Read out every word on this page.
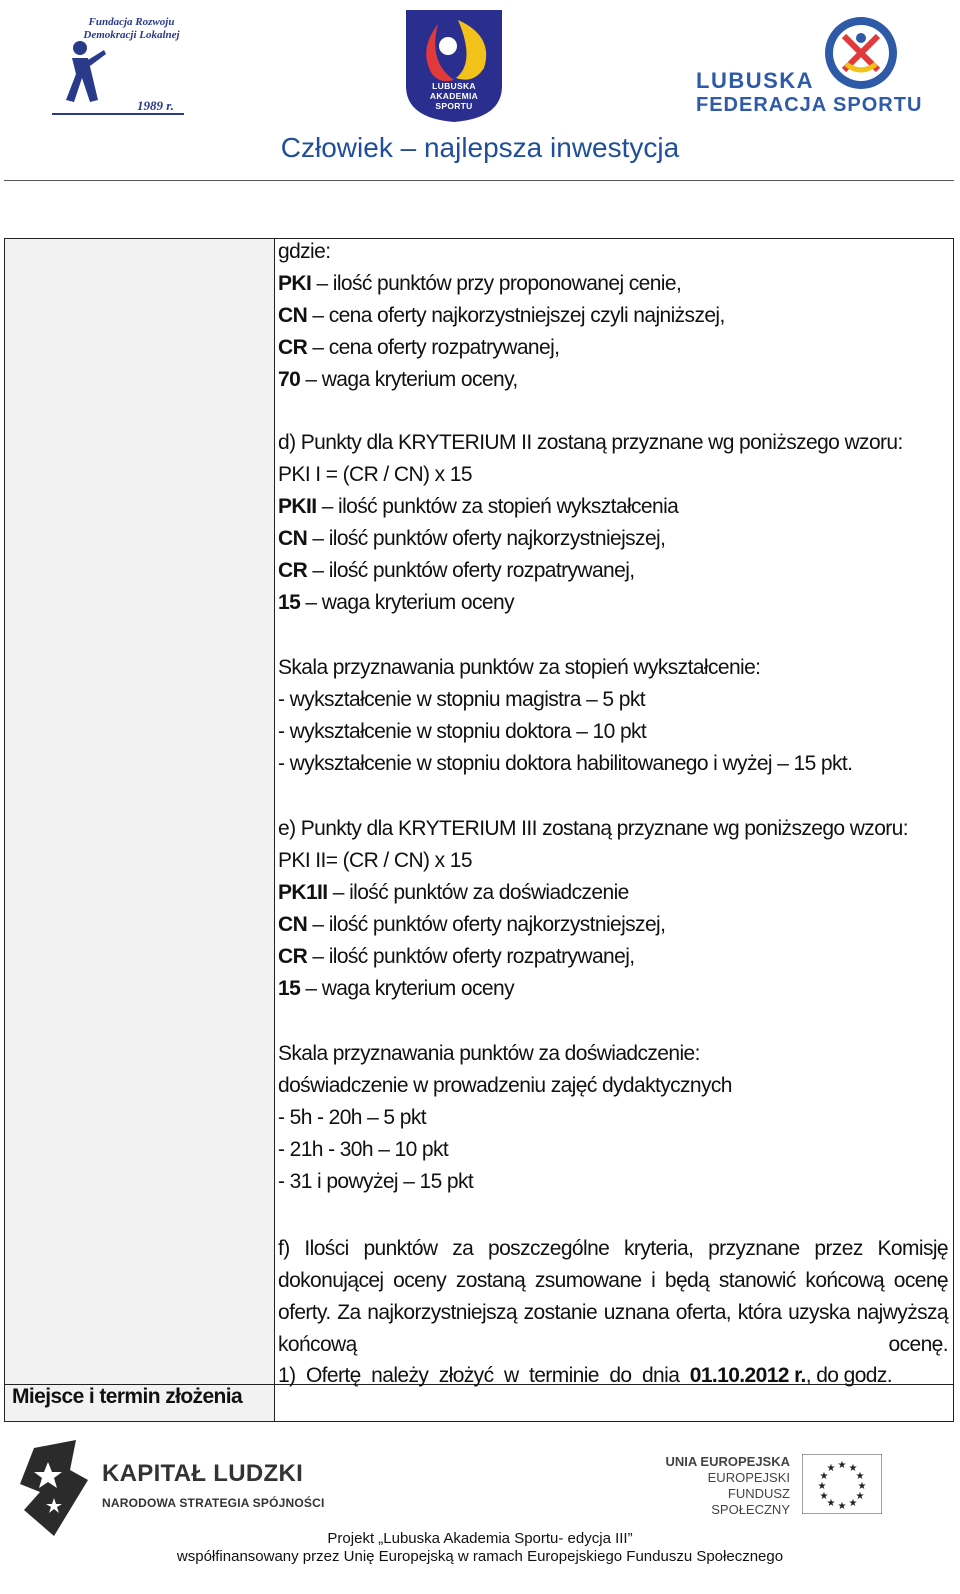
Fundacja Rozwoju Demokracji Lokalnej
1989 r.
LUBUSKA
AKADEMIA
SPORTU
LUBUSKA
FEDERACJA SPORTU
Człowiek – najlepsza inwestycja
gdzie:
PKI – ilość punktów przy proponowanej cenie,
CN – cena oferty najkorzystniejszej czyli najniższej,
CR – cena oferty rozpatrywanej,
70 – waga kryterium oceny,
d) Punkty dla KRYTERIUM II zostaną przyznane wg poniższego wzoru:
PKI I = (CR / CN) x 15
PKII – ilość punktów za stopień wykształcenia
CN – ilość punktów oferty najkorzystniejszej,
CR – ilość punktów oferty rozpatrywanej,
15 – waga kryterium oceny
Skala przyznawania punktów za stopień wykształcenie:
- wykształcenie w stopniu magistra – 5 pkt
- wykształcenie w stopniu doktora – 10 pkt
- wykształcenie w stopniu doktora habilitowanego i wyżej – 15 pkt.
e) Punkty dla KRYTERIUM III zostaną przyznane wg poniższego wzoru:
PKI II= (CR / CN) x 15
PK1II – ilość punktów za doświadczenie
CN – ilość punktów oferty najkorzystniejszej,
CR – ilość punktów oferty rozpatrywanej,
15 – waga kryterium oceny
Skala przyznawania punktów za doświadczenie:
doświadczenie w prowadzeniu zajęć dydaktycznych
- 5h - 20h – 5 pkt
- 21h - 30h – 10 pkt
- 31 i powyżej – 15 pkt
f) Ilości punktów za poszczególne kryteria, przyznane przez Komisję dokonującej oceny zostaną zsumowane i będą stanowić końcową ocenę oferty. Za najkorzystniejszą zostanie uznana oferta, która uzyska najwyższą końcową ocenę.
1)  Ofertę  należy  złożyć  w  terminie  do  dnia  01.10.2012 r., do godz.
Miejsce i termin złożenia
KAPITAŁ LUDZKI
NARODOWA STRATEGIA SPÓJNOŚCI
UNIA EUROPEJSKA
EUROPEJSKI
FUNDUSZ SPOŁECZNY
★ ★
★
★
★
★
★
★
★
★
★
★
Projekt „Lubuska Akademia Sportu- edycja III”
współfinansowany przez Unię Europejską w ramach Europejskiego Funduszu Społecznego
